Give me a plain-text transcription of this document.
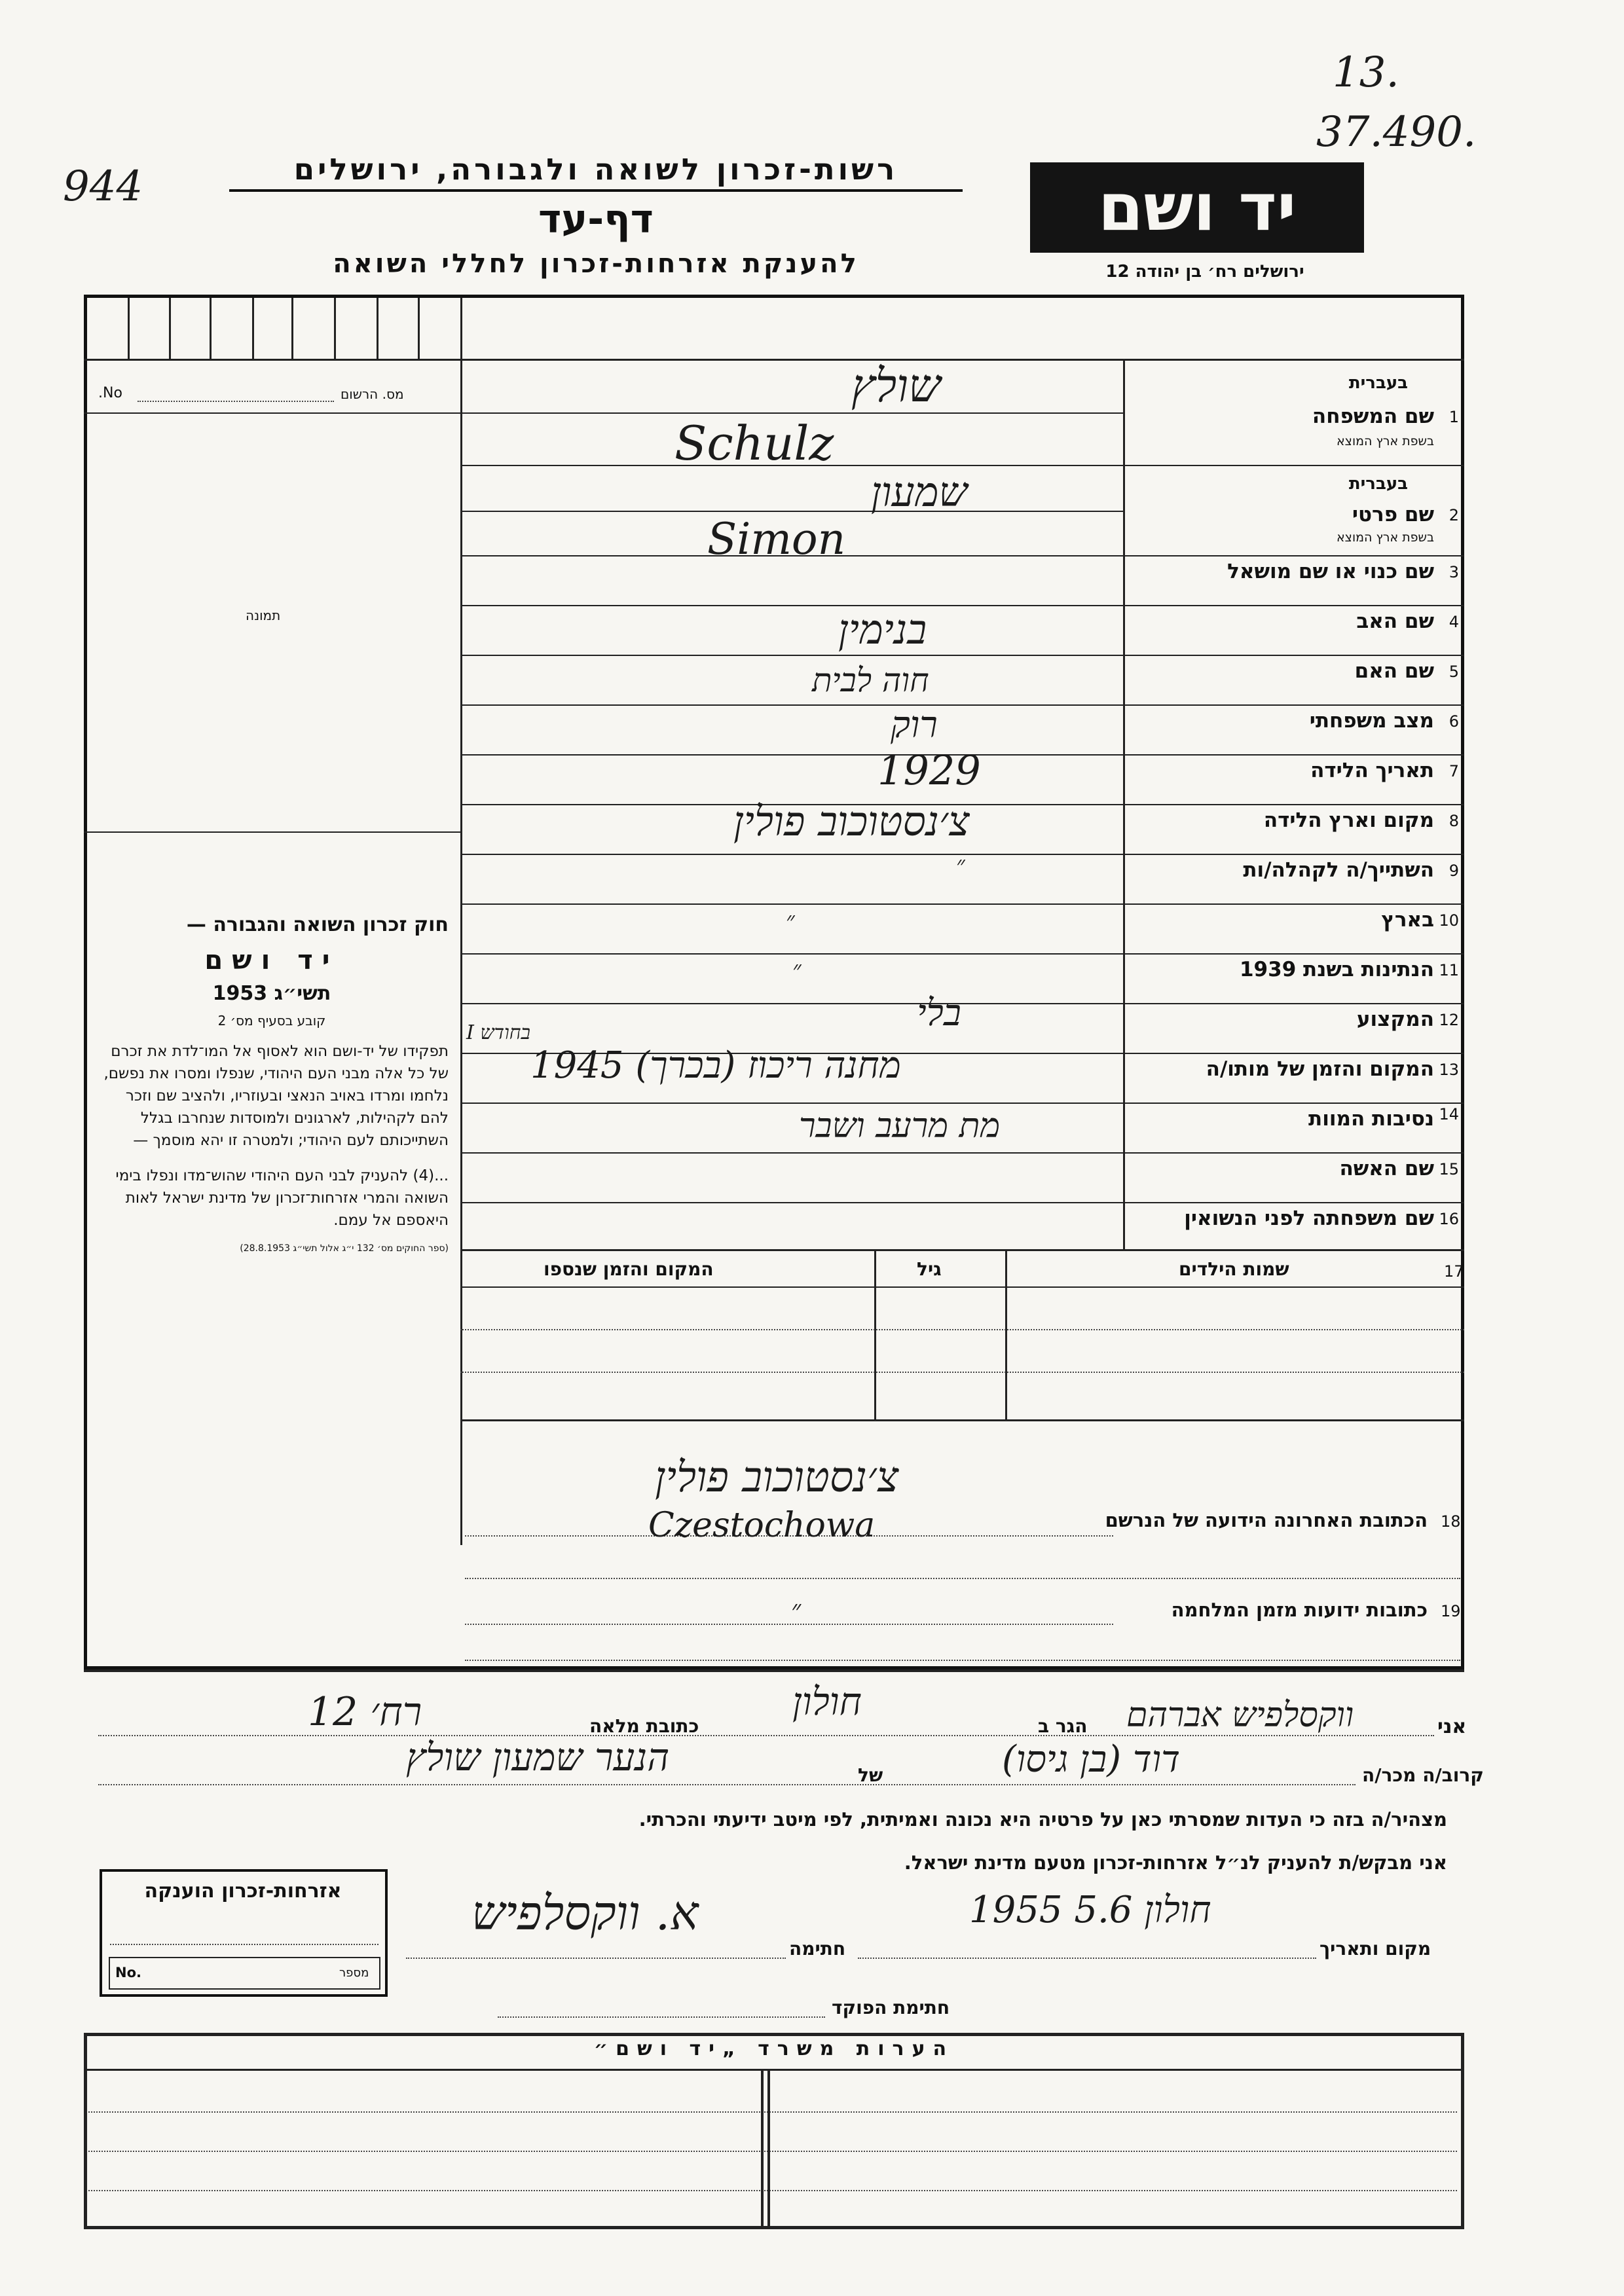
944
13.
37.490.
רשות-זכרון לשואה ולגבורה, ירושלים
דף-עד
להענקת אזרחות-זכרון לחללי השואה
יד ושם
ירושלים רח׳ בן יהודה 12
No.	מס. הרשום
תמונה
חוק זכרון השואה והגבורה —
יד ושם
תשי״ג 1953
קובע בסעיף מס׳ 2
תפקידו של יד-ושם הוא לאסוף אל המו־לדת את זכרם של כל אלה מבני העם היהודי, שנפלו ומסרו את נפשם, נלחמו ומרדו באויב הנאצי ובעוזריו, ולהציב שם וזכר להם לקהילות, לארגונים ולמוסדות שנחרבו בגלל השתייכותם לעם היהודי; ולמטרה זו יהא מוסמך —
...(4) להעניק לבני העם היהודי שהוש־מדו ונפלו בימי השואה והמרי אזרחות־זכרון של מדינת ישראל לאות היאספם אל עמם.
(ספר החוקים מס׳ 132 י״ג אלול תשי״ג 28.8.1953)
בעברית
שם המשפחה 1
בשפת ארץ המוצא
בעברית
שם פרטי 2
בשפת ארץ המוצא
שם כנוי או שם מושאל 3
שם האב 4
שם האם 5
מצב משפחתי 6
תאריך הלידה 7
מקום וארץ הלידה 8
השתייך/ה לקהלה/ות 9
בארץ 10
הנתינות בשנת 1939 11
המקצוע 12
המקום והזמן של מותו/ה 13
נסיבות המוות 14
שם האשה 15
שם משפחתה לפני הנשואין 16
שולץ
Schulz
שמעון
Simon
בנימין
חוה לבית
רוק
1929
צ׳נסטוכוב פולין
״
״
״
בלי
מחנה ריכוז (בכרך) 1945
בחודש I
מת מרעב ושבר
17
שמות הילדים
גיל
המקום והזמן שנספו
הכתובת האחרונה הידועה של הנרשם 18
צ׳נסטוכוב פולין
Czestochowa
כתובות ידועות מזמן המלחמה 19
״
אני
ווקסלפיש אברהם
הגר ב
חולון
כתובת מלאה
רח׳ 12
קרוב/ה מכר/ה
דוד (בן גיסו)
של
הנער שמעון שולץ
מצהיר/ה בזה כי העדות שמסרתי כאן על פרטיה היא נכונה ואמיתית, לפי מיטב ידיעתי והכרתי.
אני מבקש/ת להעניק לנ״ל אזרחות-זכרון מטעם מדינת ישראל.
מקום ותאריך
חולון 5.6 1955
חתימה
א. ווקסלפיש
חתימת הפוקד
אזרחות-זכרון הוענקה
No.	מספר
הערות משרד „יד ושם״
